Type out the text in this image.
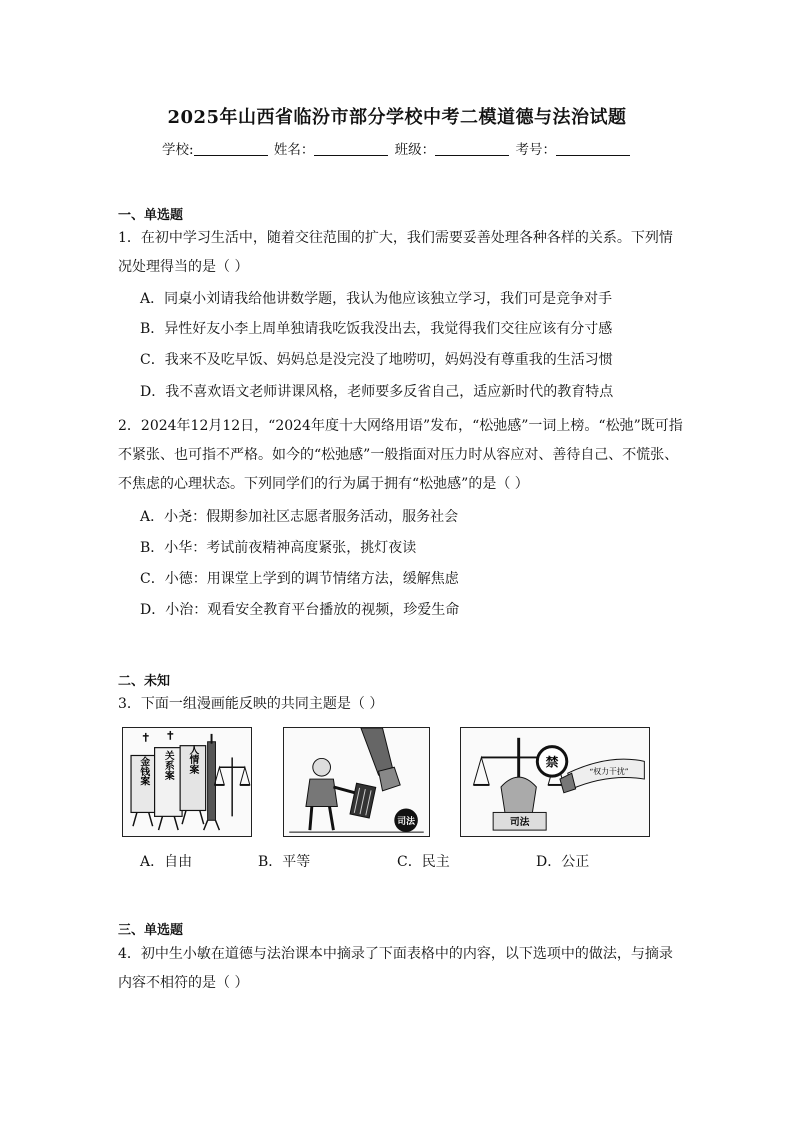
2025年山西省临汾市部分学校中考二模道德与法治试题
学校:	姓名：	班级：	考号：
一、单选题
1．在初中学习生活中，随着交往范围的扩大，我们需要妥善处理各种各样的关系。下列情况处理得当的是（ ）
A．同桌小刘请我给他讲数学题，我认为他应该独立学习，我们可是竞争对手
B．异性好友小李上周单独请我吃饭我没出去，我觉得我们交往应该有分寸感
C．我来不及吃早饭、妈妈总是没完没了地唠叨，妈妈没有尊重我的生活习惯
D．我不喜欢语文老师讲课风格，老师要多反省自己，适应新时代的教育特点
2．2024年12月12日，“2024年度十大网络用语”发布，“松弛感”一词上榜。“松弛”既可指不紧张、也可指不严格。如今的“松弛感”一般指面对压力时从容应对、善待自己、不慌张、不焦虑的心理状态。下列同学们的行为属于拥有“松弛感”的是（ ）
A．小尧：假期参加社区志愿者服务活动，服务社会
B．小华：考试前夜精神高度紧张，挑灯夜读
C．小德：用课堂上学到的调节情绪方法，缓解焦虑
D．小治：观看安全教育平台播放的视频，珍爱生命
二、未知
3．下面一组漫画能反映的共同主题是（ ）
金钱案 关系案 人情案
司法	司法
禁
“权力干扰”
A．自由	B．平等	C．民主	D．公正
三、单选题
4．初中生小敏在道德与法治课本中摘录了下面表格中的内容，以下选项中的做法，与摘录内容不相符的是（ ）
